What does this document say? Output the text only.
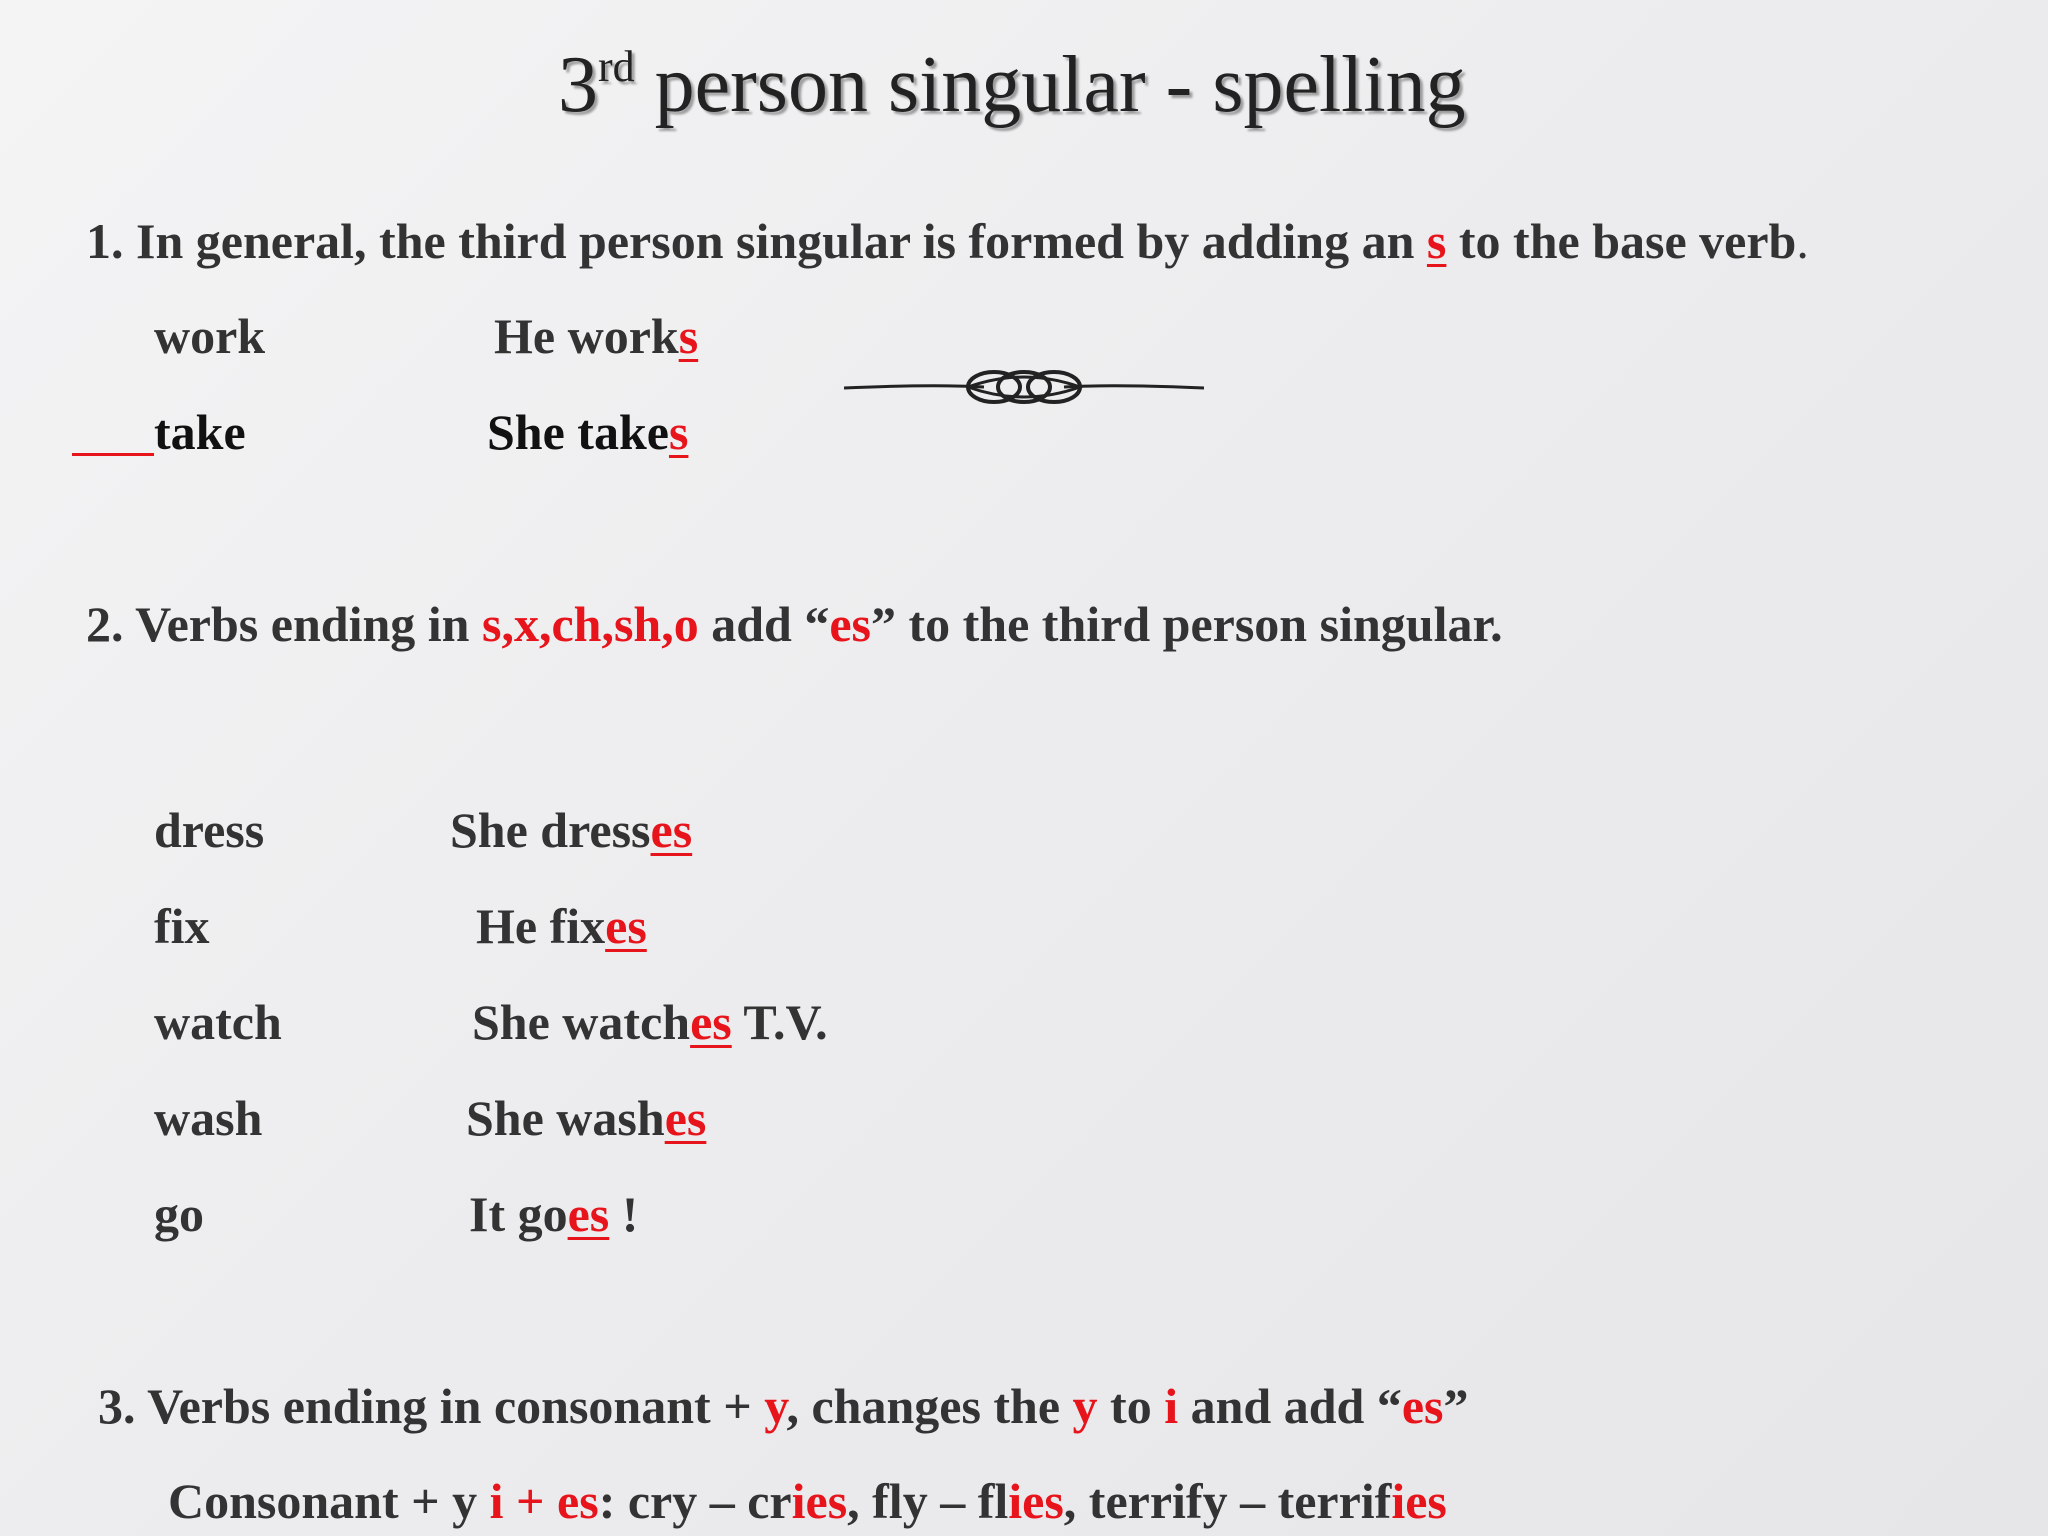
3rd person singular - spelling
1. In general, the third person singular is formed by adding an s to the base verb.
work	He works
take	She takes
2. Verbs ending in s,x,ch,sh,o add “es” to the third person singular.
dress	She dresses
fix	He fixes
watch	She watches T.V.
wash	She washes
go	It goes !
3. Verbs ending in consonant + y, changes the y to i and add “es”
Consonant + y i + es: cry – cries, fly – flies, terrify – terrifies
